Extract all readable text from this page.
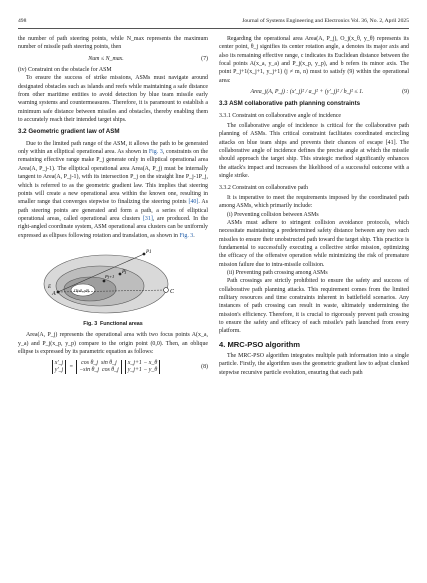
498	Journal of Systems Engineering and Electronics Vol. 36, No. 2, April 2025

the number of path steering points, while N_max represents the maximum number of missile path steering points, then

Num ≤ N_max.	(7)

(iv) Constraint on the obstacle for ASM

To ensure the success of strike missions, ASMs must navigate around designated obstacles such as islands and reefs while maintaining a safe distance from other maritime entities to avoid detection by blue team missile early warning systems and countermeasures. Therefore, it is paramount to establish a minimum safe distance between missiles and obstacles, thereby enabling them to accurately reach their intended target ships.

3.2 Geometric gradient law of ASM

Due to the limited path range of the ASM, it allows the path to be generated only within an elliptical operational area. As shown in Fig. 3, constraints on the remaining effective range make P_j generate only in elliptical operational area Area(A, P_j-1). The elliptical operational area Area(A, P_j) must be internally tangent to Area(A, P_j-1), with its intersection P_j on the straight line P_j-1P_j, which is referred to as the geometric gradient law. This implies that steering points will create a new operational area within the known one, resulting in smaller range that converges stepwise to finalizing the steering points [40]. As path steering points are generated and form a path, a series of elliptical operational areas, called operational area clusters [31], are produced. In the right-angled coordinate system, ASM operational area clusters can be uniformly expressed as ellipses following rotation and translation, as shown in Fig. 3.

A
P1
Pj
Pj+1
C
E
O(x0, y0)
Fig. 3 Functional areas

Area(A, P_j) represents the operational area with two focus points A(x_a, y_a) and P_j(x_p, y_p) compare to the origin point (0,0). Then, an oblique ellipse is expressed by its parametric equation as follows:

x'_j
y'_j
=
cos θ_j sin θ_j
−sin θ_j cos θ_j
x_j+1 − x_θ
y_j+1 − y_θ
(8)

Regarding the operational area Area(A, P_j), O_j(x_θ, y_θ) represents its center point, θ_j signifies its center rotation angle, a denotes its major axis and also its remaining effective range, c indicates its Euclidean distance between the focal points A(x_a, y_a) and P_j(x_p, y_p), and b refers its minor axis. The point P_j+1(x_j+1, y_j+1) (j ≠ m, n) must to satisfy (9) within the operational area:

Area_j(A, P_j) : (x'_j)² / a_j² + (y'_j)² / b_j² ≤ 1.	(9)
3.3 ASM collaborative path planning constraints
3.3.1 Constraint on collaborative angle of incidence

The collaborative angle of incidence is critical for the collaborative path planning of ASMs. This critical constraint facilitates coordinated encircling attacks on blue team ships and prevents their chances of escape [41]. The collaborative angle of incidence defines the precise angle at which the missile should approach the target ship. This strategic method significantly enhances the attack's impact and increases the likelihood of a successful outcome with a single strike.

3.3.2 Constraint on collaborative path

It is imperative to meet the requirements imposed by the coordinated path among ASMs, which primarily include:

(i) Preventing collision between ASMs

ASMs must adhere to stringent collision avoidance protocols, which necessitate maintaining a predetermined safety distance between any two such missiles to ensure their unobstructed path toward the target ship. This practice is fundamental to successfully executing a collective strike mission, optimizing the efficacy of the offensive operation while minimizing the risk of premature mission failure due to intra-missile collision.

(ii) Preventing path crossing among ASMs

Path crossings are strictly prohibited to ensure the safety and success of collaborative path planning attacks. This requirement comes from the limited military resources and time constraints inherent in battlefield scenarios. Any instances of path crossing can result in waste, ultimately undermining the mission's efficiency. Therefore, it is crucial to rigorously prevent path crossing to ensure the safety and efficacy of each missile's path launched from every platform.

4. MRC-PSO algorithm

The MRC-PSO algorithm integrates multiple path information into a single particle. Firstly, the algorithm uses the geometric gradient law to adjust clunked stepwise recursive particle evolution, ensuring that each path
